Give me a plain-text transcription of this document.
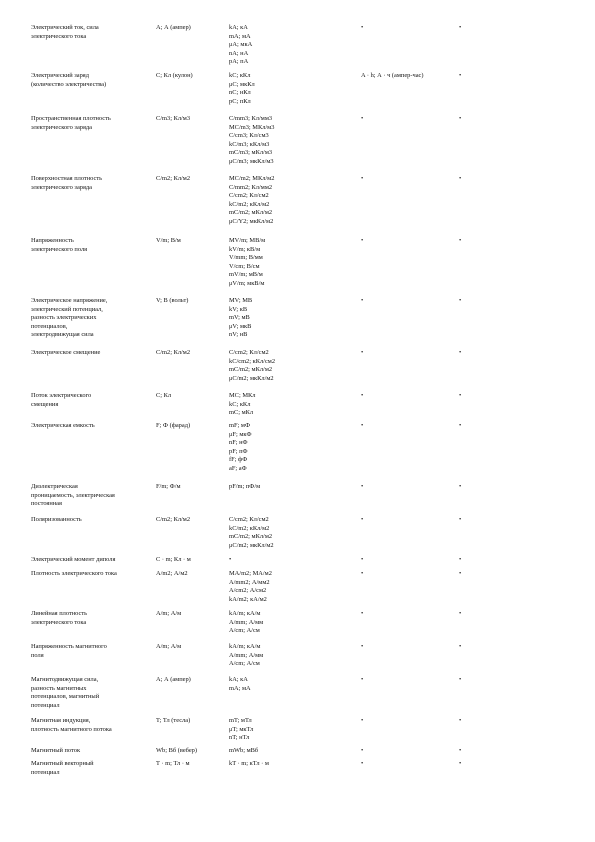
Электрический ток, сила
электрического тока
A; А (ампер)	kA; кА
mA; мА
μA; мкА
nA; нА
pA; пА
•	•
Электрический заряд
(количество электричества)
C; Кл (кулон)	kC; кКл
μC; мкКл
nC; нКл
pC; пКл
A · h; А · ч (ампер-час)	•
Пространственная плотность
электрического заряда
C/m3; Кл/м3	C/mm3; Кл/мм3
MC/m3; МКл/м3
C/cm3; Кл/см3
kC/m3; кКл/м3
mC/m3; мКл/м3
μC/m3; мкКл/м3
•	•
Поверхностная плотность
электрического заряда
C/m2; Кл/м2	MC/m2; МКл/м2
C/mm2; Кл/мм2
C/cm2; Кл/см2
kC/m2; кКл/м2
mC/m2; мКл/м2
μC/Y2; мкКл/м2
•	•
Напряженность
электрического поля
V/m; В/м	MV/m; МВ/м
kV/m; кВ/м
V/mm; В/мм
V/cm; В/см
mV/m; мВ/м
μV/m; мкВ/м
•	•
Электрическое напряжение,
электрический потенциал,
разность электрических
потенциалов,
электродвижущая сила
V; В (вольт)	MV; МВ
kV; кВ
mV; мВ
μV; мкВ
nV; нВ
•	•
Электрическое смещение	C/m2; Кл/м2	C/cm2; Кл/см2
kC/cm2; кКл/см2
mC/m2; мКл/м2
μC/m2; мкКл/м2
•	•
Поток электрического
смещения
C; Кл	MC; МКл
kC; кКл
mC; мКл
•	•
Электрическая емкость	F; Ф (фарад)	mF; мФ
μF; мкФ
nF; нФ
pF; пФ
fF; фФ
aF; аФ
•	•
Диэлектрическая
проницаемость, электрическая
постоянная
F/m; Ф/м	pF/m; пФ/м	•	•
Поляризованность	C/m2; Кл/м2	C/cm2; Кл/см2
kC/m2; кКл/м2
mC/m2; мКл/м2
μC/m2; мкКл/м2
•	•
Электрический момент диполя	C · m; Кл · м	•	•	•
Плотность электрического тока	A/m2; А/м2	MA/m2; МА/м2
A/mm2; А/мм2
A/cm2; А/см2
kA/m2; кА/м2
•	•
Линейная плотность
электрического тока
A/m; А/м	kA/m; кА/м
A/mm; А/мм
A/cm; А/см
•	•
Напряженность магнитного
поля
A/m; А/м	kA/m; кА/м
A/mm; А/мм
A/cm; А/см
•	•
Магнитодвижущая сила,
разность магнитных
потенциалов, магнитный
потенциал
A; А (ампер)	kA; кА
mA; мА
•	•
Магнитная индукция,
плотность магнитного потока
T; Тл (тесла)	mT; мТл
μT; мкТл
nT; нТл
•	•
Магнитный поток	Wb; Вб (вебер)	mWb; мВб	•	•
Магнитный векторный
потенциал
T · m; Тл · м	kT · m; кТл · м	•	•
